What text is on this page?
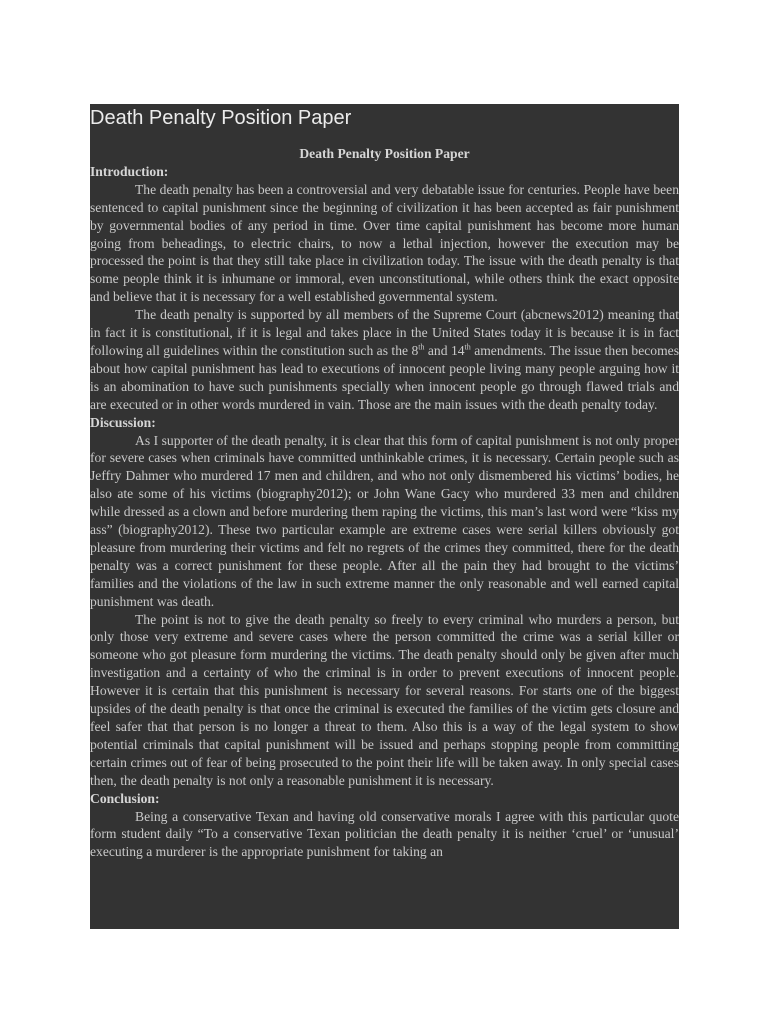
Death Penalty Position Paper
Death Penalty Position Paper
Introduction:

The death penalty has been a controversial and very debatable issue for centuries. People have been sentenced to capital punishment since the beginning of civilization it has been accepted as fair punishment by governmental bodies of any period in time. Over time capital punishment has become more human going from beheadings, to electric chairs, to now a lethal injection, however the execution may be processed the point is that they still take place in civilization today. The issue with the death penalty is that some people think it is inhumane or immoral, even unconstitutional, while others think the exact opposite and believe that it is necessary for a well established governmental system.

The death penalty is supported by all members of the Supreme Court (abcnews2012) meaning that in fact it is constitutional, if it is legal and takes place in the United States today it is because it is in fact following all guidelines within the constitution such as the 8th and 14th amendments. The issue then becomes about how capital punishment has lead to executions of innocent people living many people arguing how it is an abomination to have such punishments specially when innocent people go through flawed trials and are executed or in other words murdered in vain. Those are the main issues with the death penalty today.

Discussion:

As I supporter of the death penalty, it is clear that this form of capital punishment is not only proper for severe cases when criminals have committed unthinkable crimes, it is necessary. Certain people such as Jeffry Dahmer who murdered 17 men and children, and who not only dismembered his victims’ bodies, he also ate some of his victims (biography2012); or John Wane Gacy who murdered 33 men and children while dressed as a clown and before murdering them raping the victims, this man’s last word were “kiss my ass” (biography2012). These two particular example are extreme cases were serial killers obviously got pleasure from murdering their victims and felt no regrets of the crimes they committed, there for the death penalty was a correct punishment for these people. After all the pain they had brought to the victims’ families and the violations of the law in such extreme manner the only reasonable and well earned capital punishment was death.

The point is not to give the death penalty so freely to every criminal who murders a person, but only those very extreme and severe cases where the person committed the crime was a serial killer or someone who got pleasure form murdering the victims. The death penalty should only be given after much investigation and a certainty of who the criminal is in order to prevent executions of innocent people. However it is certain that this punishment is necessary for several reasons. For starts one of the biggest upsides of the death penalty is that once the criminal is executed the families of the victim gets closure and feel safer that that person is no longer a threat to them. Also this is a way of the legal system to show potential criminals that capital punishment will be issued and perhaps stopping people from committing certain crimes out of fear of being prosecuted to the point their life will be taken away. In only special cases then, the death penalty is not only a reasonable punishment it is necessary.

Conclusion:

Being a conservative Texan and having old conservative morals I agree with this particular quote form student daily “To a conservative Texan politician the death penalty it is neither ‘cruel’ or ‘unusual’ executing a murderer is the appropriate punishment for taking an
